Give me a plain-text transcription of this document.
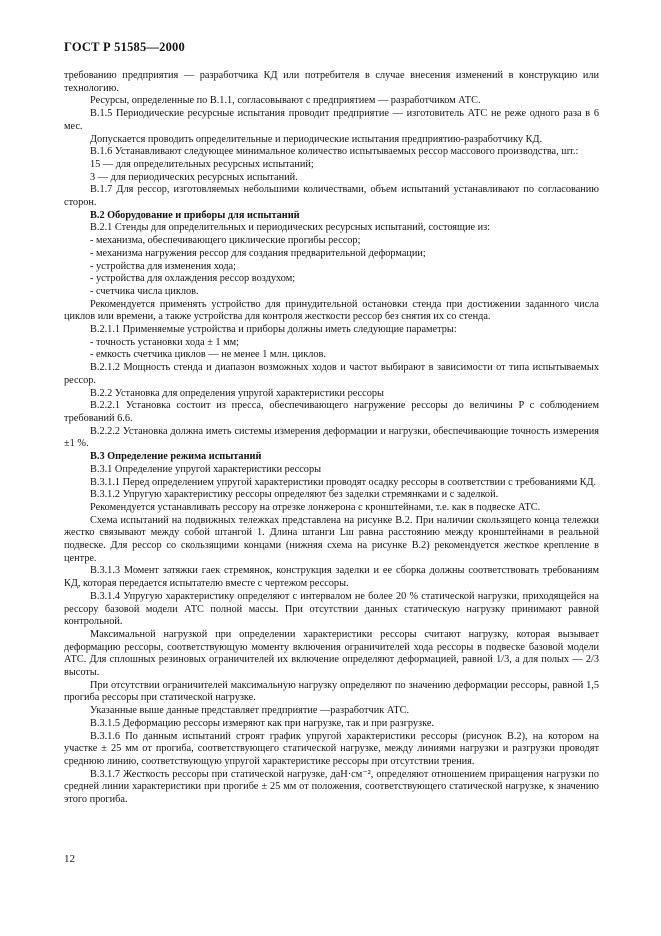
ГОСТ Р 51585—2000

требованию предприятия — разработчика КД или потребителя в случае внесения изменений в конструкцию или технологию.

Ресурсы, определенные по В.1.1, согласовывают с предприятием — разработчиком АТС.

В.1.5 Периодические ресурсные испытания проводит предприятие — изготовитель АТС не реже одного раза в 6 мес.

Допускается проводить определительные и периодические испытания предприятию-разработчику КД.

В.1.6 Устанавливают следующее минимальное количество испытываемых рессор массового производства, шт.:

15 — для определительных ресурсных испытаний;

3 — для периодических ресурсных испытаний.

В.1.7 Для рессор, изготовляемых небольшими количествами, объем испытаний устанавливают по согласованию сторон.

В.2 Оборудование и приборы для испытаний

В.2.1 Стенды для определительных и периодических ресурсных испытаний, состоящие из:

- механизма, обеспечивающего циклические прогибы рессор;

- механизма нагружения рессор для создания предварительной деформации;

- устройства для изменения хода;

- устройства для охлаждения рессор воздухом;

- счетчика числа циклов.

Рекомендуется применять устройство для принудительной остановки стенда при достижении заданного числа циклов или времени, а также устройства для контроля жесткости рессор без снятия их со стенда.

В.2.1.1 Применяемые устройства и приборы должны иметь следующие параметры:

- точность установки хода ± 1 мм;

- емкость счетчика циклов — не менее 1 млн. циклов.

В.2.1.2 Мощность стенда и диапазон возможных ходов и частот выбирают в зависимости от типа испытываемых рессор.

В.2.2 Установка для определения упругой характеристики рессоры

В.2.2.1 Установка состоит из пресса, обеспечивающего нагружение рессоры до величины P с соблюдением требований 6.6.

В.2.2.2 Установка должна иметь системы измерения деформации и нагрузки, обеспечивающие точность измерения ±1 %.

В.3 Определение режима испытаний

В.3.1 Определение упругой характеристики рессоры

В.3.1.1 Перед определением упругой характеристики проводят осадку рессоры в соответствии с требованиями КД.

В.3.1.2 Упругую характеристику рессоры определяют без заделки стремянками и с заделкой.

Рекомендуется устанавливать рессору на отрезке лонжерона с кронштейнами, т.е. как в подвеске АТС.

Схема испытаний на подвижных тележках представлена на рисунке В.2. При наличии скользящего конца тележки жестко связывают между собой штангой 1. Длина штанги Lш равна расстоянию между кронштейнами в реальной подвеске. Для рессор со скользящими концами (нижняя схема на рисунке В.2) рекомендуется жесткое крепление в центре.

В.3.1.3 Момент затяжки гаек стремянок, конструкция заделки и ее сборка должны соответствовать требованиям КД, которая передается испытателю вместе с чертежом рессоры.

В.3.1.4 Упругую характеристику определяют с интервалом не более 20 % статической нагрузки, приходящейся на рессору базовой модели АТС полной массы. При отсутствии данных статическую нагрузку принимают равной контрольной.

Максимальной нагрузкой при определении характеристики рессоры считают нагрузку, которая вызывает деформацию рессоры, соответствующую моменту включения ограничителей хода рессоры в подвеске базовой модели АТС. Для сплошных резиновых ограничителей их включение определяют деформацией, равной 1/3, а для полых — 2/3 высоты.

При отсутствии ограничителей максимальную нагрузку определяют по значению деформации рессоры, равной 1,5 прогиба рессоры при статической нагрузке.

Указанные выше данные представляет предприятие —разработчик АТС.

В.3.1.5 Деформацию рессоры измеряют как при нагрузке, так и при разгрузке.

В.3.1.6 По данным испытаний строят график упругой характеристики рессоры (рисунок В.2), на котором на участке ± 25 мм от прогиба, соответствующего статической нагрузке, между линиями нагрузки и разгрузки проводят среднюю линию, соответствующую упругой характеристике рессоры при отсутствии трения.

В.3.1.7 Жесткость рессоры при статической нагрузке, даН·см⁻², определяют отношением приращения нагрузки по средней линии характеристики при прогибе ± 25 мм от положения, соответствующего статической нагрузке, к значению этого прогиба.

12
